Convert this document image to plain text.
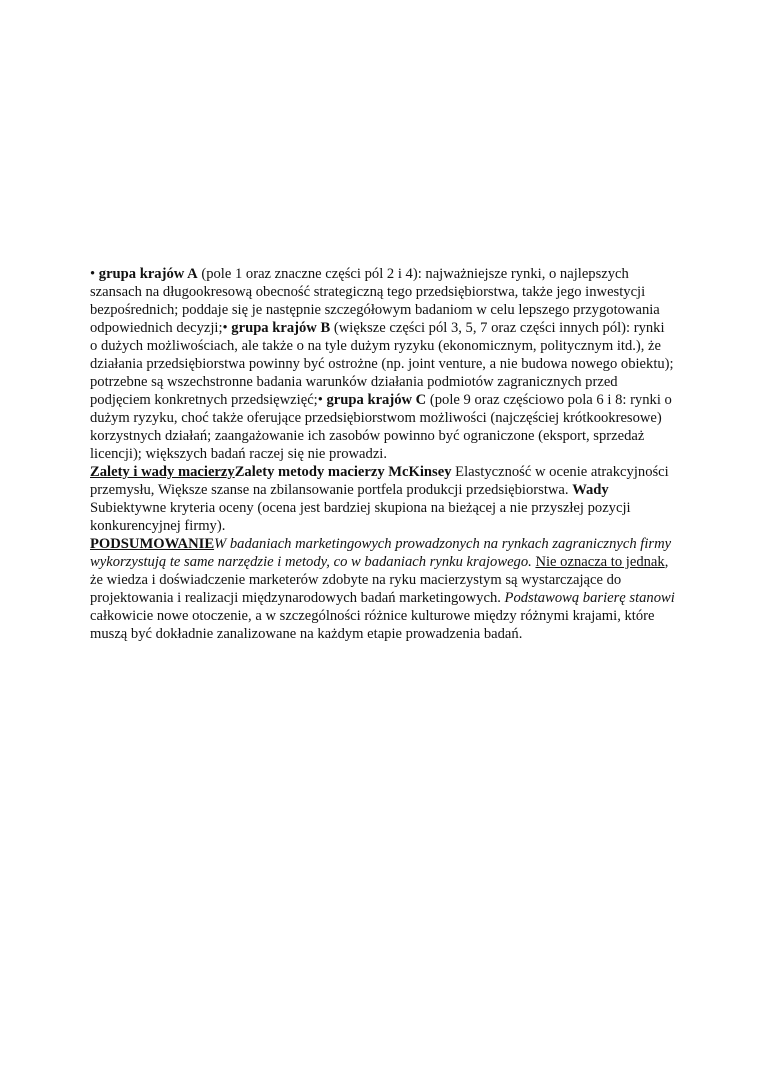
• grupa krajów A (pole 1 oraz znaczne części pól 2 i 4): najważniejsze rynki, o najlepszych szansach na długookresową obecność strategiczną tego przedsiębiorstwa, także jego inwestycji bezpośrednich; poddaje się je następnie szczegółowym badaniom w celu lepszego przygotowania odpowiednich decyzji;• grupa krajów B (większe części pól 3, 5, 7 oraz części innych pól): rynki o dużych możliwościach, ale także o na tyle dużym ryzyku (ekonomicznym, politycznym itd.), że działania przedsiębiorstwa powinny być ostrożne (np. joint venture, a nie budowa nowego obiektu); potrzebne są wszechstronne badania warunków działania podmiotów zagranicznych przed podjęciem konkretnych przedsięwzięć;• grupa krajów C (pole 9 oraz częściowo pola 6 i 8: rynki o dużym ryzyku, choć także oferujące przedsiębiorstwom możliwości (najczęściej krótkookresowe) korzystnych działań; zaangażowanie ich zasobów powinno być ograniczone (eksport, sprzedaż licencji); większych badań raczej się nie prowadzi.

Zalety i wady macierzyZalety metody macierzy McKinsey Elastyczność w ocenie atrakcyjności przemysłu, Większe szanse na zbilansowanie portfela produkcji przedsiębiorstwa. Wady Subiektywne kryteria oceny (ocena jest bardziej skupiona na bieżącej a nie przyszłej pozycji konkurencyjnej firmy).

PODSUMOWANIEW badaniach marketingowych prowadzonych na rynkach zagranicznych firmy wykorzystują te same narzędzie i metody, co w badaniach rynku krajowego. Nie oznacza to jednak, że wiedza i doświadczenie marketerów zdobyte na ryku macierzystym są wystarczające do projektowania i realizacji międzynarodowych badań marketingowych. Podstawową barierę stanowi całkowicie nowe otoczenie, a w szczególności różnice kulturowe między różnymi krajami, które muszą być dokładnie zanalizowane na każdym etapie prowadzenia badań.
